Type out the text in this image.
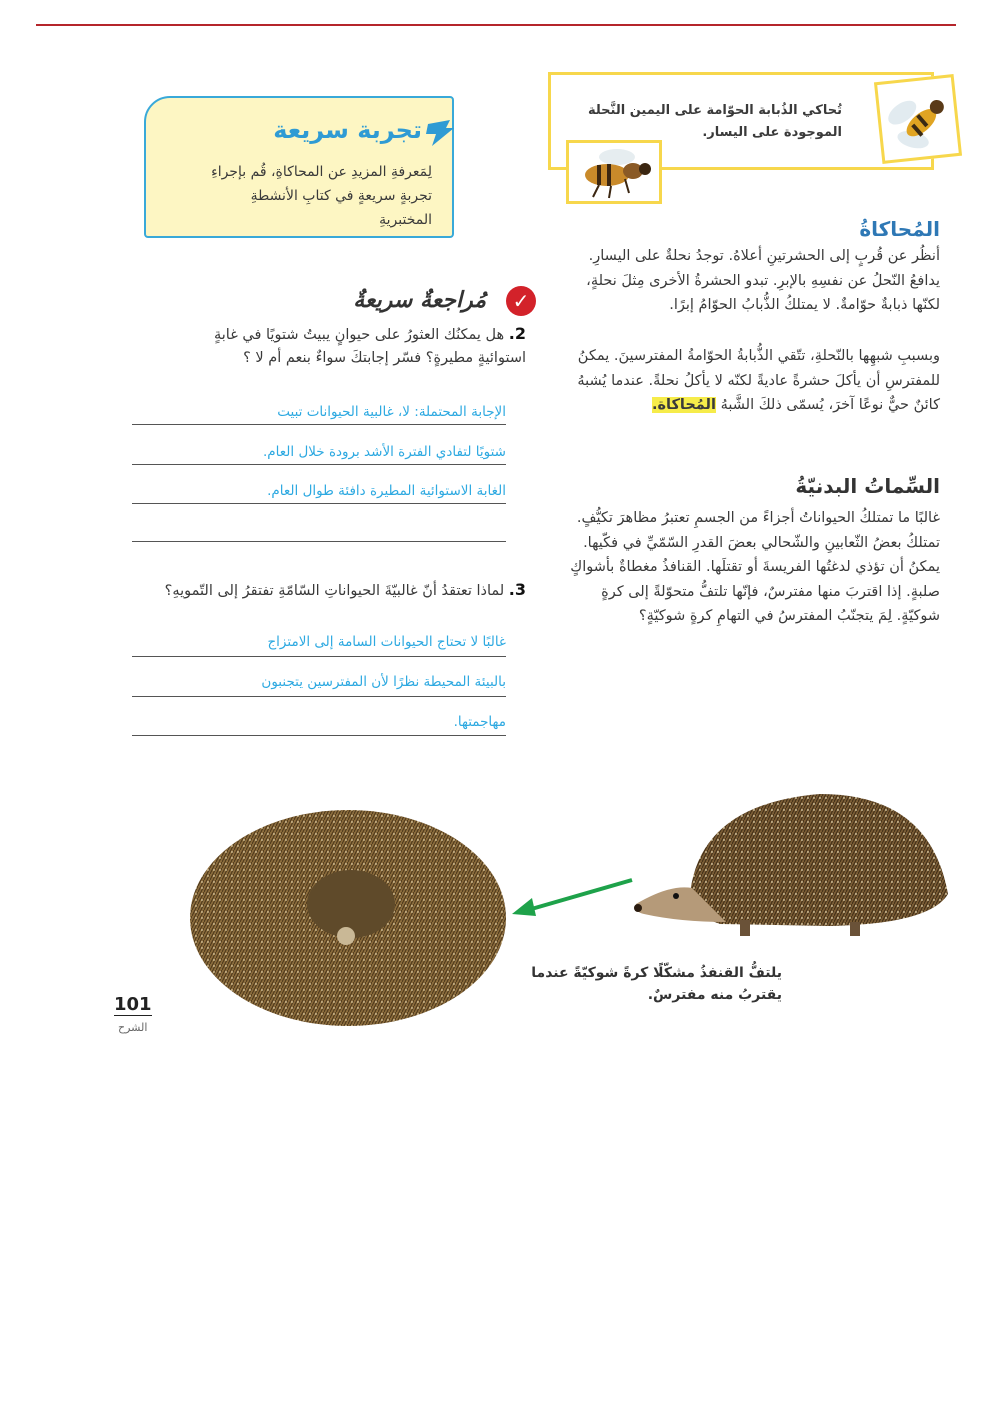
تُحاكي الذُبابة الحوّامة على اليمين النَّحلة الموجودة على اليسار.
المُحاكاةُ
أنظُر عن قُربٍ إلى الحشرتينِ أعلاهُ. توجدُ نحلةٌ على اليسارِ. يدافعُ النّحلُ عن نفسِهِ بالإبرِ. تبدو الحشرةُ الأخرى مِثلَ نحلةٍ، لكنّها ذبابةٌ حوّامةٌ. لا يمتلكُ الذُّبابُ الحوّامُ إبرًا.
وبسببِ شبهِها بالنّحلةِ، تتّقي الذُّبابةُ الحوّامةُ المفترسينَ. يمكنُ للمفترسِ أن يأكلَ حشرةً عاديةً لكنّه لا يأكلُ نحلةً. عندما يُشبهُ كائنٌ حيٌّ نوعًا آخرَ، يُسمّى ذلكَ الشَّبهُ المُحاكاة.
السِّماتُ البدنيّةُ
غالبًا ما تمتلكُ الحيواناتُ أجزاءً من الجسمِ تعتبرُ مظاهرَ تكيُّفٍ. تمتلكُ بعضُ الثّعابينِ والشّحالي بعضَ القدرِ السّمّيِّ في فكّيها. يمكنُ أن تؤذي لدغتُها الفريسةَ أو تقتلَها. القنافذُ مغطاةٌ بأشواكٍ صلبةٍ. إذا اقتربَ منها مفترسٌ، فإنّها تلتفُّ متحوّلةً إلى كرةٍ شوكيّةٍ. لِمَ يتجنّبُ المفترسُ في التهامِ كرةٍ شوكيّةٍ؟
تجربة سريعة
لِمَعرفةِ المزيدِ عن المحاكاةِ، قُم بإجراءِ تجربةٍ سريعةٍ في كتابِ الأنشطةِ المختبريةِ
✓
مُراجعةٌ سريعةٌ
2. هل يمكنُك العثورُ على حيوانٍ يبيتُ شتويًا في غابةٍ استوائيةٍ مطيرةٍ؟ فسّر إجابتكَ سواءٌ بنعم أم لا ؟
الإجابة المحتملة: لا، غالبية الحيوانات تبيت
شتويًا لتفادي الفترة الأشد برودة خلال العام.
الغابة الاستوائية المطيرة دافئة طوال العام.
3. لماذا تعتقدُ أنّ غالبيّةَ الحيواناتِ السّامّةِ تفتقرُ إلى التّمويهِ؟
غالبًا لا تحتاج الحيوانات السامة إلى الامتزاج
بالبيئة المحيطة نظرًا لأن المفترسين يتجنبون
مهاجمتها.
يلتفُّ القنفذُ مشكّلًا كرةً شوكيّةً عندما يقتربُ منه مفترسٌ.
101
الشرح
